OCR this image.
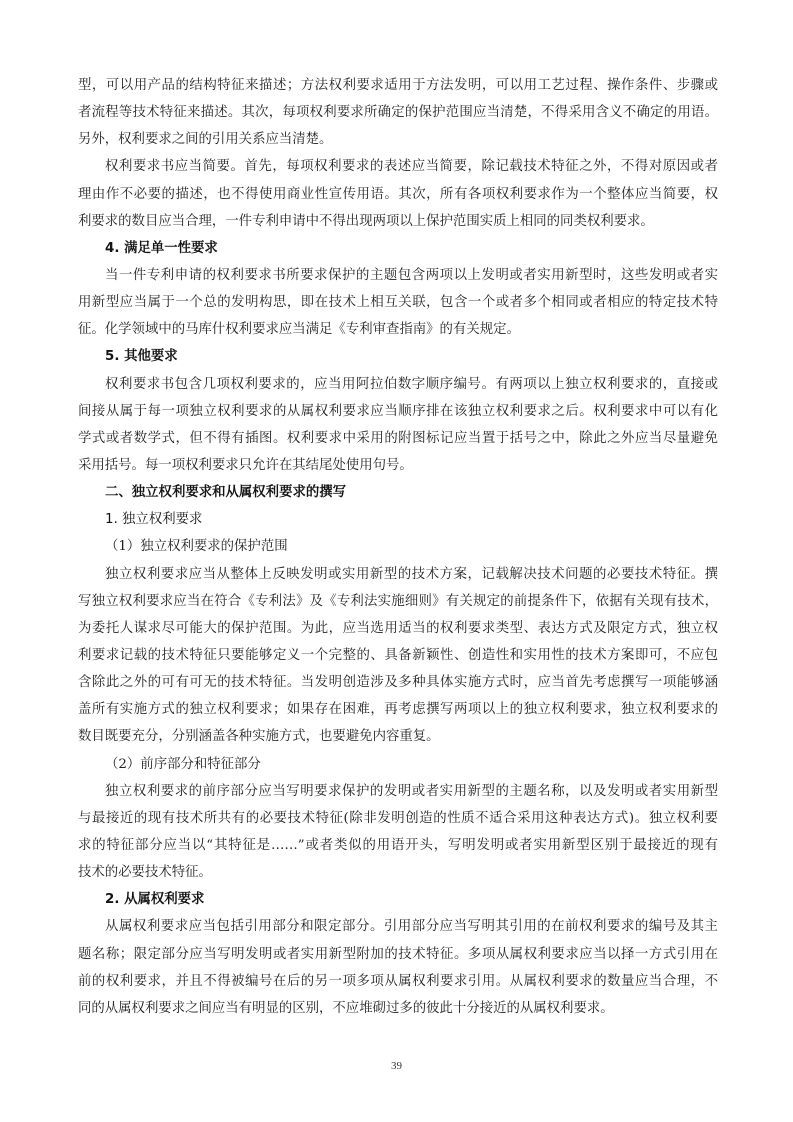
型，可以用产品的结构特征来描述；方法权利要求适用于方法发明，可以用工艺过程、操作条件、步骤或
者流程等技术特征来描述。其次，每项权利要求所确定的保护范围应当清楚，不得采用含义不确定的用语。
另外，权利要求之间的引用关系应当清楚。
权利要求书应当简要。首先，每项权利要求的表述应当简要，除记载技术特征之外，不得对原因或者
理由作不必要的描述，也不得使用商业性宣传用语。其次，所有各项权利要求作为一个整体应当简要，权
利要求的数目应当合理，一件专利申请中不得出现两项以上保护范围实质上相同的同类权利要求。
4. 满足单一性要求
当一件专利申请的权利要求书所要求保护的主题包含两项以上发明或者实用新型时，这些发明或者实
用新型应当属于一个总的发明构思，即在技术上相互关联，包含一个或者多个相同或者相应的特定技术特
征。化学领域中的马库什权利要求应当满足《专利审查指南》的有关规定。
5. 其他要求
权利要求书包含几项权利要求的，应当用阿拉伯数字顺序编号。有两项以上独立权利要求的，直接或
间接从属于每一项独立权利要求的从属权利要求应当顺序排在该独立权利要求之后。权利要求中可以有化
学式或者数学式，但不得有插图。权利要求中采用的附图标记应当置于括号之中，除此之外应当尽量避免
采用括号。每一项权利要求只允许在其结尾处使用句号。
二、独立权利要求和从属权利要求的撰写
1. 独立权利要求
（1）独立权利要求的保护范围
独立权利要求应当从整体上反映发明或实用新型的技术方案，记载解决技术问题的必要技术特征。撰
写独立权利要求应当在符合《专利法》及《专利法实施细则》有关规定的前提条件下，依据有关现有技术，
为委托人谋求尽可能大的保护范围。为此，应当选用适当的权利要求类型、表达方式及限定方式，独立权
利要求记载的技术特征只要能够定义一个完整的、具备新颖性、创造性和实用性的技术方案即可，不应包
含除此之外的可有可无的技术特征。当发明创造涉及多种具体实施方式时，应当首先考虑撰写一项能够涵
盖所有实施方式的独立权利要求；如果存在困难，再考虑撰写两项以上的独立权利要求，独立权利要求的
数目既要充分，分别涵盖各种实施方式，也要避免内容重复。
（2）前序部分和特征部分
独立权利要求的前序部分应当写明要求保护的发明或者实用新型的主题名称，以及发明或者实用新型
与最接近的现有技术所共有的必要技术特征(除非发明创造的性质不适合采用这种表达方式)。独立权利要
求的特征部分应当以“其特征是……”或者类似的用语开头，写明发明或者实用新型区别于最接近的现有
技术的必要技术特征。
2. 从属权利要求
从属权利要求应当包括引用部分和限定部分。引用部分应当写明其引用的在前权利要求的编号及其主
题名称；限定部分应当写明发明或者实用新型附加的技术特征。多项从属权利要求应当以择一方式引用在
前的权利要求，并且不得被编号在后的另一项多项从属权利要求引用。从属权利要求的数量应当合理，不
同的从属权利要求之间应当有明显的区别，不应堆砌过多的彼此十分接近的从属权利要求。
39
